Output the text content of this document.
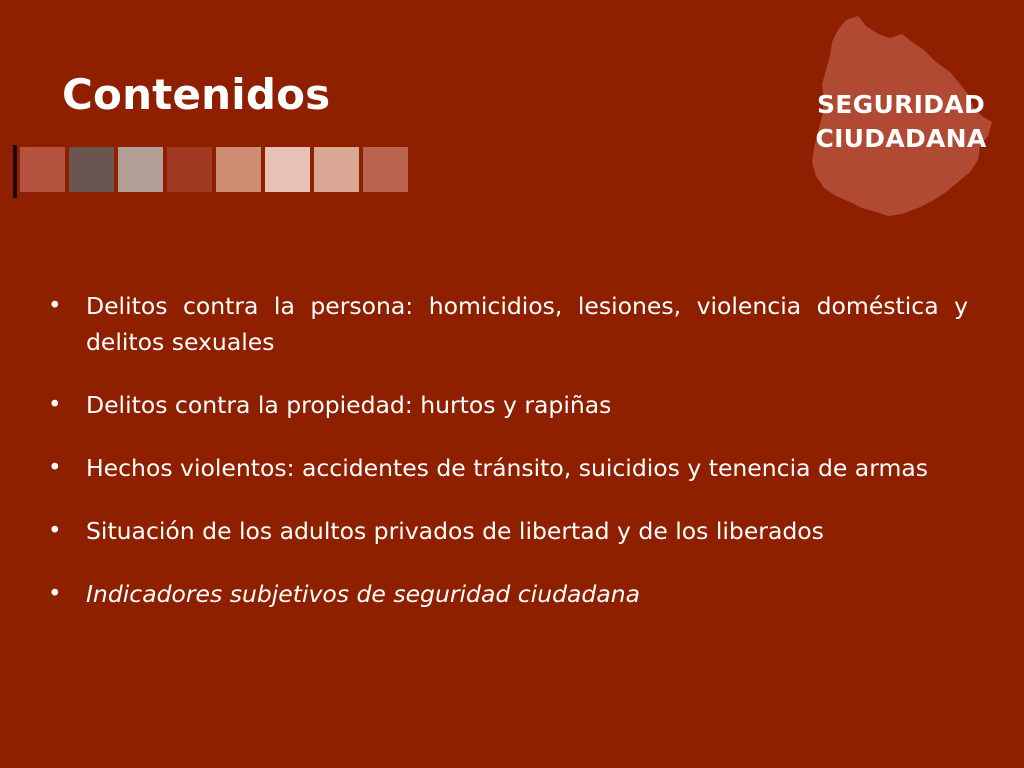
Contenidos	SEGURIDAD
CIUDADANA
• Delitos contra la persona: homicidios, lesiones, violencia doméstica y delitos sexuales
• Delitos contra la propiedad: hurtos y rapiñas
• Hechos violentos: accidentes de tránsito, suicidios y tenencia de armas
• Situación de los adultos privados de libertad y de los liberados
• Indicadores subjetivos de seguridad ciudadana
